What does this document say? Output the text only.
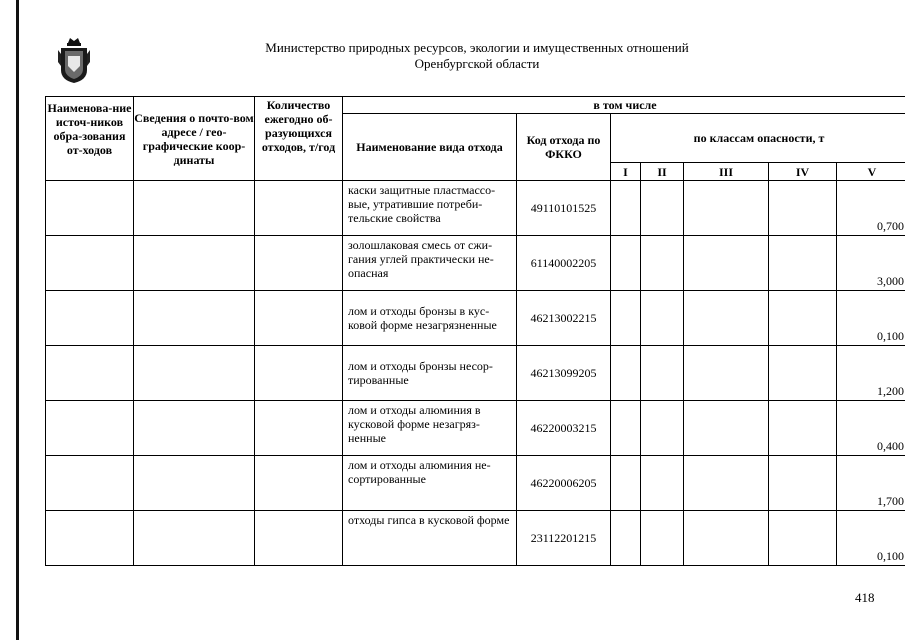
Министерство природных ресурсов, экологии и имущественных отношений
Оренбургской области
Наименова-ние источ-ников обра-зования от-ходов	Сведения о почто-вом адресе / гео-графические коор-динаты	Количество ежегодно об-разующихся отходов, т/год	в том числе						
			Наименование вида отхода	Код отхода по ФККО	по классам опасности, т				
					I	II	III	IV	V
			каски защитные пластмассо-вые, утратившие потреби-тельские свойства	49110101525					0,700
			золошлаковая смесь от сжи-гания углей практически не-опасная	61140002205					3,000
			лом и отходы бронзы в кус-ковой форме незагрязненные	46213002215					0,100
			лом и отходы бронзы несор-тированные	46213099205					1,200
			лом и отходы алюминия в кусковой форме незагряз-ненные	46220003215					0,400
			лом и отходы алюминия не-сортированные	46220006205					1,700
			отходы гипса в кусковой форме	23112201215					0,100
418
